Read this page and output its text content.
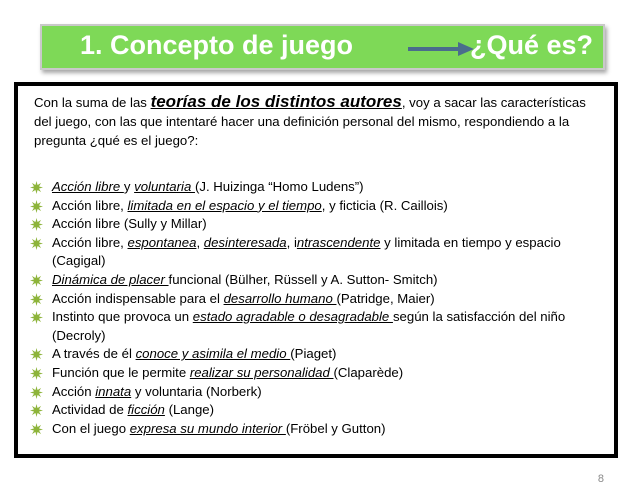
1. Concepto de juego	¿Qué es?
Con la suma de las teorías de los distintos autores, voy a sacar las características del juego, con las que intentaré hacer una definición personal del mismo, respondiendo a la pregunta ¿qué es el juego?:
Acción libre y voluntaria (J. Huizinga “Homo Ludens”)
Acción libre, limitada en el espacio y el tiempo, y ficticia (R. Caillois)
Acción libre (Sully y Millar)
Acción libre, espontanea, desinteresada, intrascendente y limitada en tiempo y espacio (Cagigal)
Dinámica de placer funcional (Bülher, Rüssell y A. Sutton- Smitch)
Acción indispensable para el desarrollo humano (Patridge, Maier)
Instinto que provoca un estado agradable o desagradable según la satisfacción del niño (Decroly)
A través de él conoce y asimila el medio (Piaget)
Función que le permite realizar su personalidad (Claparède)
Acción innata y voluntaria (Norberk)
Actividad de ficción (Lange)
Con el juego expresa su mundo interior (Fröbel y Gutton)
8
